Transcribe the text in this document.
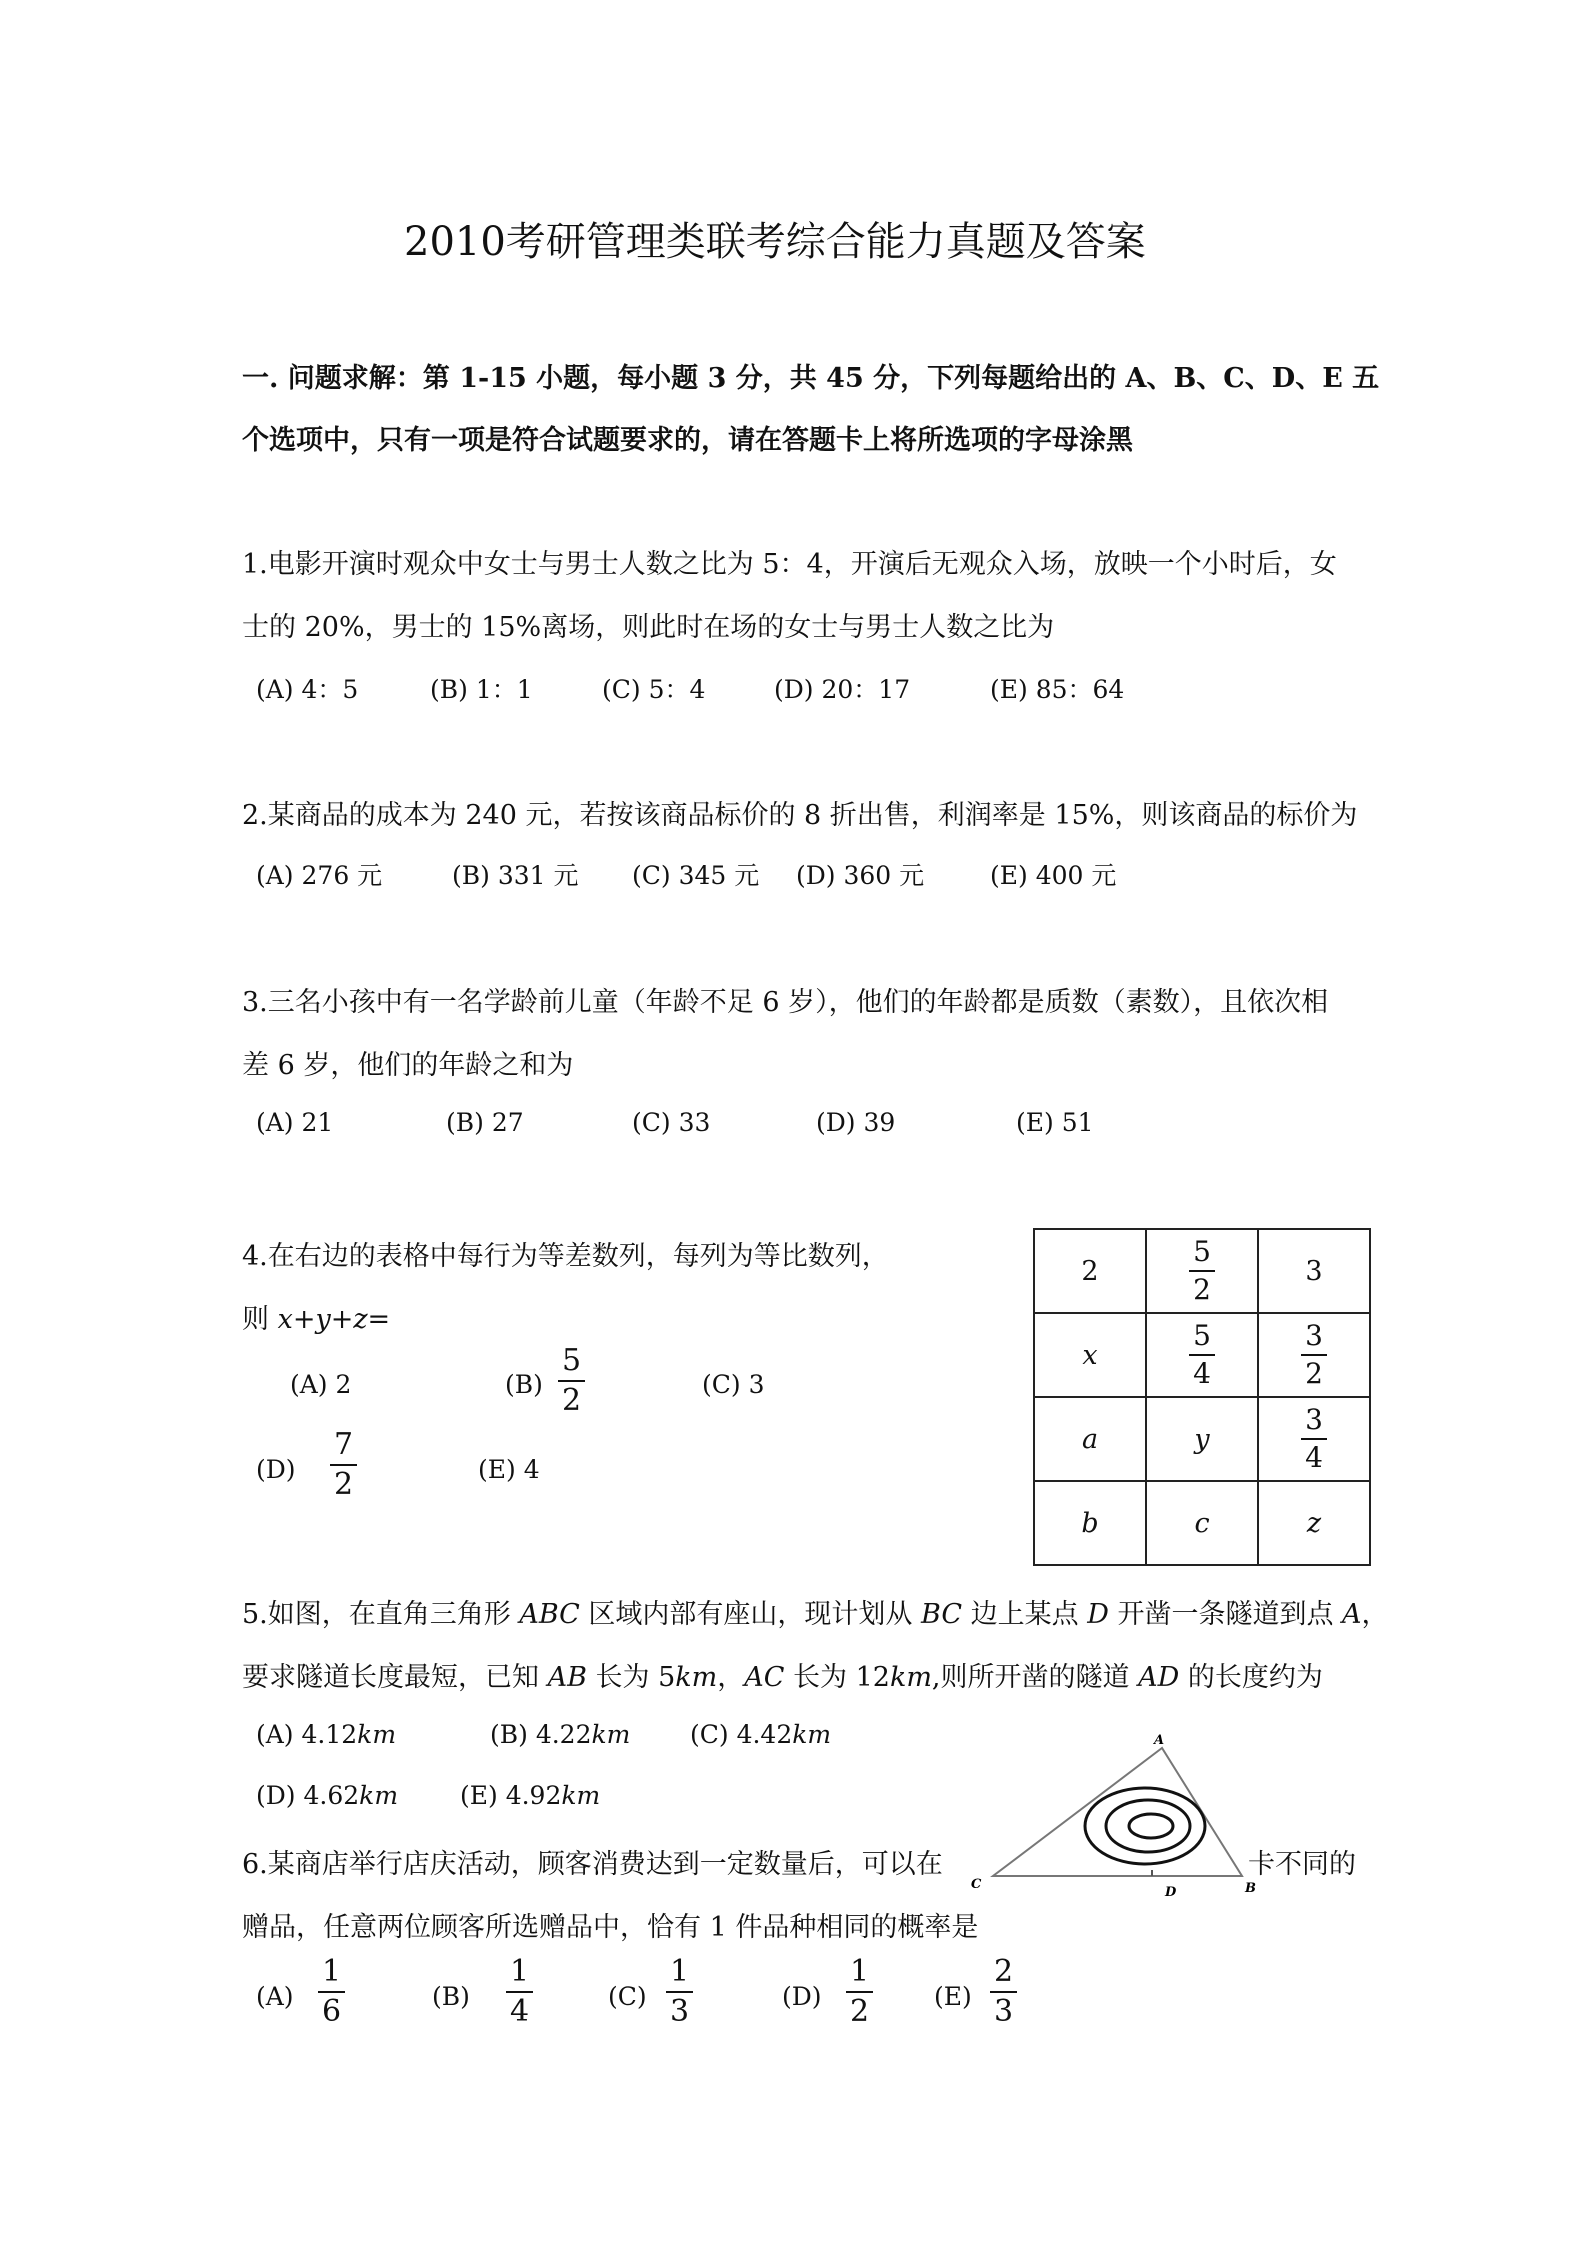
2010考研管理类联考综合能力真题及答案
一. 问题求解：第 1-15 小题，每小题 3 分，共 45 分，下列每题给出的 A、B、C、D、E 五
个选项中，只有一项是符合试题要求的，请在答题卡上将所选项的字母涂黑
1.电影开演时观众中女士与男士人数之比为 5：4，开演后无观众入场，放映一个小时后，女
士的 20%，男士的 15%离场，则此时在场的女士与男士人数之比为
(A) 4：5	(B) 1：1	(C) 5：4	(D) 20：17	(E) 85：64
2.某商品的成本为 240 元，若按该商品标价的 8 折出售，利润率是 15%，则该商品的标价为
(A) 276 元	(B) 331 元 (C) 345 元 (D) 360 元	(E) 400 元
3.三名小孩中有一名学龄前儿童（年龄不足 6 岁），他们的年龄都是质数（素数），且依次相
差 6 岁，他们的年龄之和为
(A) 21	(B) 27	(C) 33	(D) 39	(E) 51
4.在右边的表格中每行为等差数列，每列为等比数列，
则 x+y+z=
(A) 2	$(B) \frac{5}{2}$	(C) 3
$(D) \frac{7}{2}$	(E) 4
2	$\frac{5}{2}$	3
x	$\frac{5}{4}$	$\frac{3}{2}$

a	y	$\frac{3}{4}$

b	c	z
5.如图，在直角三角形 ABC 区域内部有座山，现计划从 BC 边上某点 D 开凿一条隧道到点 A，
要求隧道长度最短，已知 AB 长为 5km，AC 长为 12km,则所开凿的隧道 AD 的长度约为
(A) 4.12km	(B) 4.22km (C) 4.42km
(D) 4.62km (E) 4.92km
A
C	B
D
6.某商店举行店庆活动，顾客消费达到一定数量后，可以在	卡不同的
赠品，任意两位顾客所选赠品中，恰有 1 件品种相同的概率是
$(A) \frac{1}{6}$	$(B) \frac{1}{4}$	$(C) \frac{1}{3}$	$(D) \frac{1}{2} (E) \frac{2}{3}$
